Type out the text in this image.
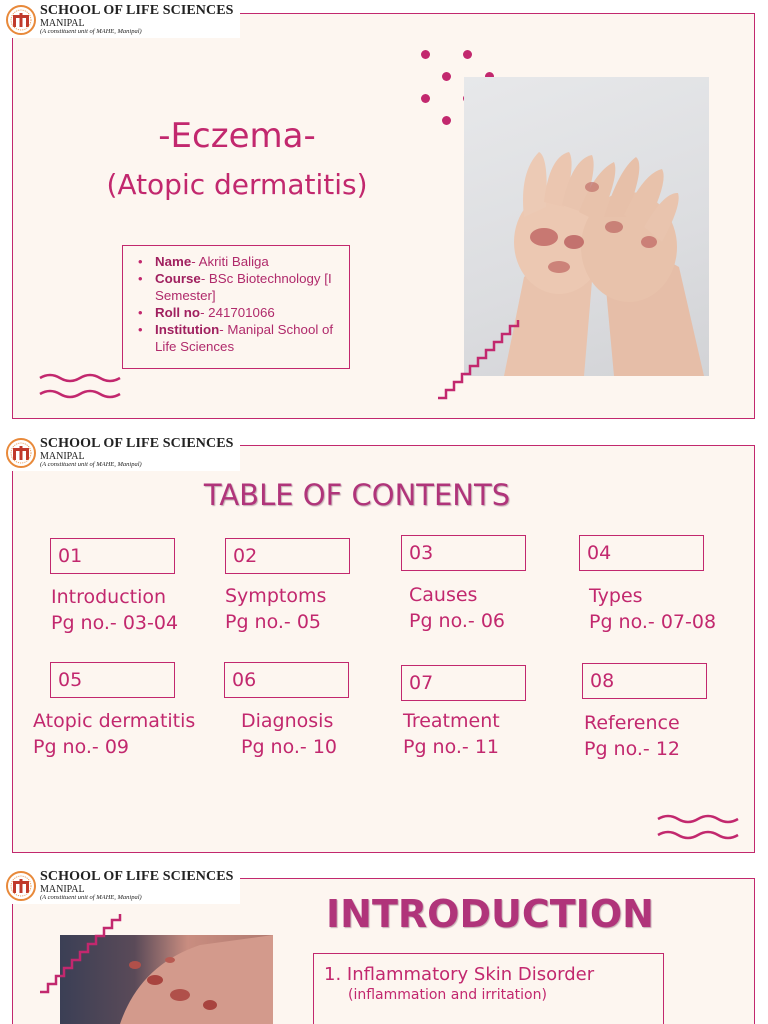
SCHOOL OF LIFE SCIENCES
MANIPAL
(A constituent unit of MAHE, Manipal)
-Eczema-
(Atopic dermatitis)
• Name- Akriti Baliga
• Course- BSc Biotechnology [I Semester]
• Roll no- 241701066
• Institution- Manipal School of Life Sciences
SCHOOL OF LIFE SCIENCES
MANIPAL
(A constituent unit of MAHE, Manipal)
TABLE OF CONTENTS
01
Introduction
Pg no.- 03-04
02
Symptoms
Pg no.- 05
03
Causes
Pg no.- 06
04
Types
Pg no.- 07-08
05
Atopic dermatitis
Pg no.- 09
06
Diagnosis
Pg no.- 10
07
Treatment
Pg no.- 11
08
Reference
Pg no.- 12
SCHOOL OF LIFE SCIENCES
MANIPAL
(A constituent unit of MAHE, Manipal)	INTRODUCTION
1. Inflammatory Skin Disorder
(inflammation and irritation)
